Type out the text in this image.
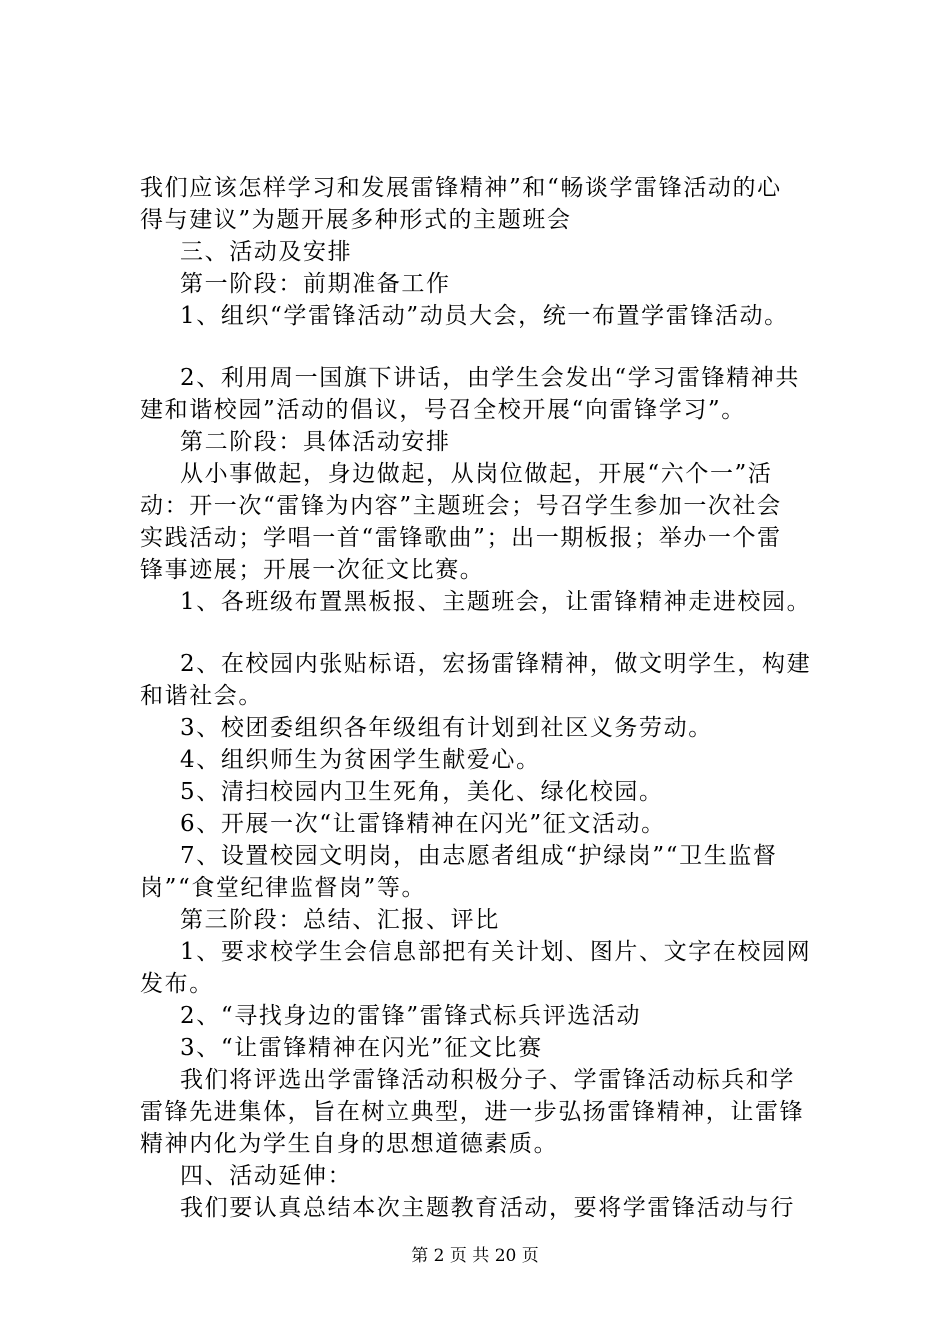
我们应该怎样学习和发展雷锋精神”和“畅谈学雷锋活动的心
得与建议”为题开展多种形式的主题班会
三、活动及安排
第一阶段：前期准备工作
1、组织“学雷锋活动”动员大会，统一布置学雷锋活动。
2、利用周一国旗下讲话，由学生会发出“学习雷锋精神共
建和谐校园”活动的倡议，号召全校开展“向雷锋学习”。
第二阶段：具体活动安排
从小事做起，身边做起，从岗位做起，开展“六个一”活
动：开一次“雷锋为内容”主题班会；号召学生参加一次社会
实践活动；学唱一首“雷锋歌曲”；出一期板报；举办一个雷
锋事迹展；开展一次征文比赛。
1、各班级布置黑板报、主题班会，让雷锋精神走进校园。
2、在校园内张贴标语，宏扬雷锋精神，做文明学生，构建
和谐社会。
3、校团委组织各年级组有计划到社区义务劳动。
4、组织师生为贫困学生献爱心。
5、清扫校园内卫生死角，美化、绿化校园。
6、开展一次“让雷锋精神在闪光”征文活动。
7、设置校园文明岗，由志愿者组成“护绿岗”“卫生监督
岗”“食堂纪律监督岗”等。
第三阶段：总结、汇报、评比
1、要求校学生会信息部把有关计划、图片、文字在校园网
发布。
2、“寻找身边的雷锋”雷锋式标兵评选活动
3、“让雷锋精神在闪光”征文比赛
我们将评选出学雷锋活动积极分子、学雷锋活动标兵和学
雷锋先进集体，旨在树立典型，进一步弘扬雷锋精神，让雷锋
精神内化为学生自身的思想道德素质。
四、活动延伸：
我们要认真总结本次主题教育活动，要将学雷锋活动与行
第 2 页 共 20 页
